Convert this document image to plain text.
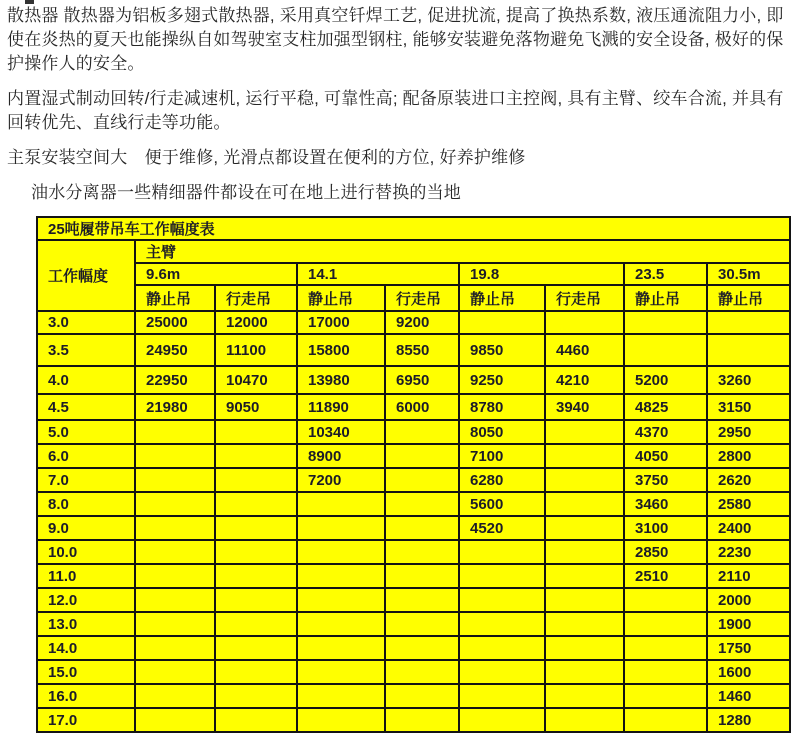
散热器 散热器为铝板多翅式散热器, 采用真空钎焊工艺, 促进扰流, 提高了换热系数, 液压通流阻力小, 即使在炎热的夏天也能操纵自如驾驶室支柱加强型钢柱, 能够安装避免落物避免飞溅的安全设备, 极好的保护操作人的安全。

内置湿式制动回转/行走减速机, 运行平稳, 可靠性高; 配备原装进口主控阀, 具有主臂、绞车合流, 并具有回转优先、直线行走等功能。

主泵安装空间大　便于维修, 光滑点都设置在便利的方位, 好养护维修

油水分离器一些精细器件都设在可在地上进行替换的当地

25吨履带吊车工作幅度表								
工作幅度	主臂							
	9.6m		14.1		19.8		23.5	30.5m
	静止吊	行走吊	静止吊	行走吊	静止吊	行走吊	静止吊	静止吊
3.0	25000	12000	17000	9200				
3.5	24950	11100	15800	8550	9850	4460		
4.0	22950	10470	13980	6950	9250	4210	5200	3260
4.5	21980	9050	11890	6000	8780	3940	4825	3150
5.0			10340		8050		4370	2950
6.0			8900		7100		4050	2800
7.0			7200		6280		3750	2620
8.0					5600		3460	2580
9.0					4520		3100	2400
10.0							2850	2230
11.0							2510	2110
12.0								2000
13.0								1900
14.0								1750
15.0								1600
16.0								1460
17.0								1280
